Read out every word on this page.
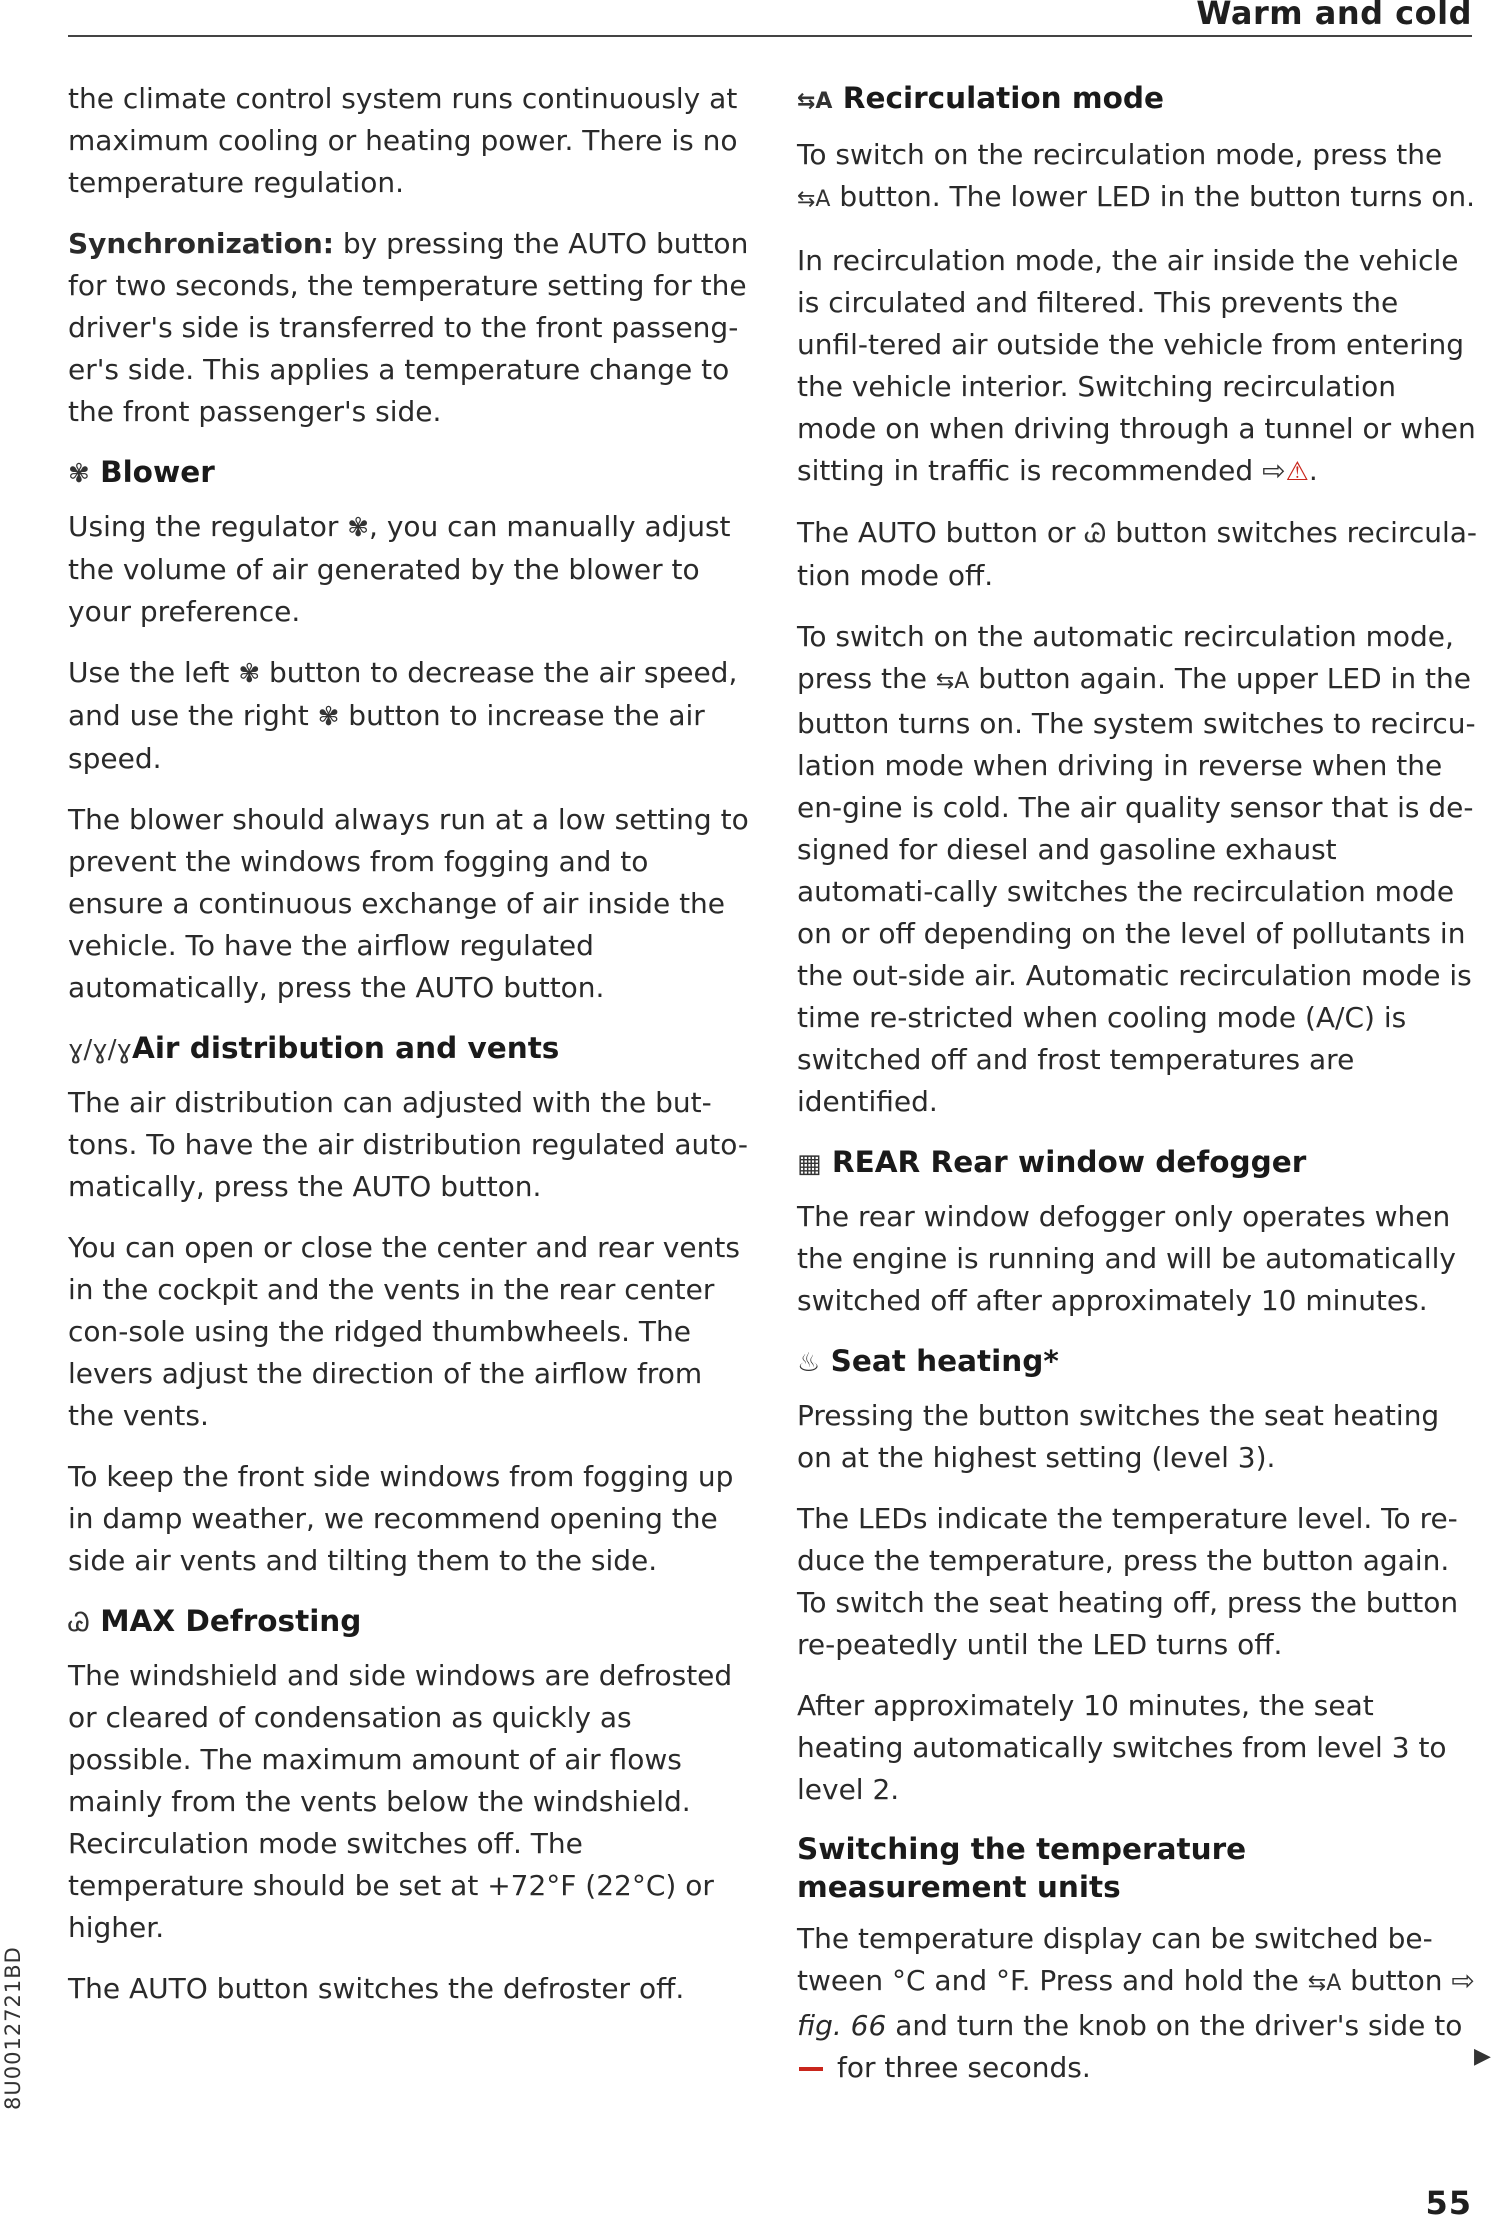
Warm and cold

the climate control system runs continuously at maximum cooling or heating power. There is no temperature regulation.

Synchronization: by pressing the AUTO button for two seconds, the temperature setting for the driver's side is transferred to the front passeng-er's side. This applies a temperature change to the front passenger's side.

✾ Blower

Using the regulator ✾, you can manually adjust the volume of air generated by the blower to your preference.

Use the left ✾ button to decrease the air speed, and use the right ✾ button to increase the air speed.

The blower should always run at a low setting to prevent the windows from fogging and to ensure a continuous exchange of air inside the vehicle. To have the airflow regulated automatically, press the AUTO button.

ɣ/ɣ/ɣAir distribution and vents

The air distribution can adjusted with the but-tons. To have the air distribution regulated auto-matically, press the AUTO button.

You can open or close the center and rear vents in the cockpit and the vents in the rear center con-sole using the ridged thumbwheels. The levers adjust the direction of the airflow from the vents.

To keep the front side windows from fogging up in damp weather, we recommend opening the side air vents and tilting them to the side.

Ꮚ MAX Defrosting

The windshield and side windows are defrosted or cleared of condensation as quickly as possible. The maximum amount of air flows mainly from the vents below the windshield. Recirculation mode switches off. The temperature should be set at +72°F (22°C) or higher.

The AUTO button switches the defroster off.

⇆A Recirculation mode

To switch on the recirculation mode, press the ⇆A button. The lower LED in the button turns on.

In recirculation mode, the air inside the vehicle is circulated and filtered. This prevents the unfil-tered air outside the vehicle from entering the vehicle interior. Switching recirculation mode on when driving through a tunnel or when sitting in traffic is recommended ⇨⚠.

The AUTO button or Ꮚ button switches recircula-tion mode off.

To switch on the automatic recirculation mode, press the ⇆A button again. The upper LED in the button turns on. The system switches to recircu-lation mode when driving in reverse when the en-gine is cold. The air quality sensor that is de-signed for diesel and gasoline exhaust automati-cally switches the recirculation mode on or off depending on the level of pollutants in the out-side air. Automatic recirculation mode is time re-stricted when cooling mode (A/C) is switched off and frost temperatures are identified.

▦ REAR Rear window defogger

The rear window defogger only operates when the engine is running and will be automatically switched off after approximately 10 minutes.

♨ Seat heating*

Pressing the button switches the seat heating on at the highest setting (level 3).

The LEDs indicate the temperature level. To re-duce the temperature, press the button again. To switch the seat heating off, press the button re-peatedly until the LED turns off.

After approximately 10 minutes, the seat heating automatically switches from level 3 to level 2.

Switching the temperature measurement units

The temperature display can be switched be-tween °C and °F. Press and hold the ⇆A button ⇨ fig. 66 and turn the knob on the driver's side to for three seconds.	▶
8U0012721BD
55
